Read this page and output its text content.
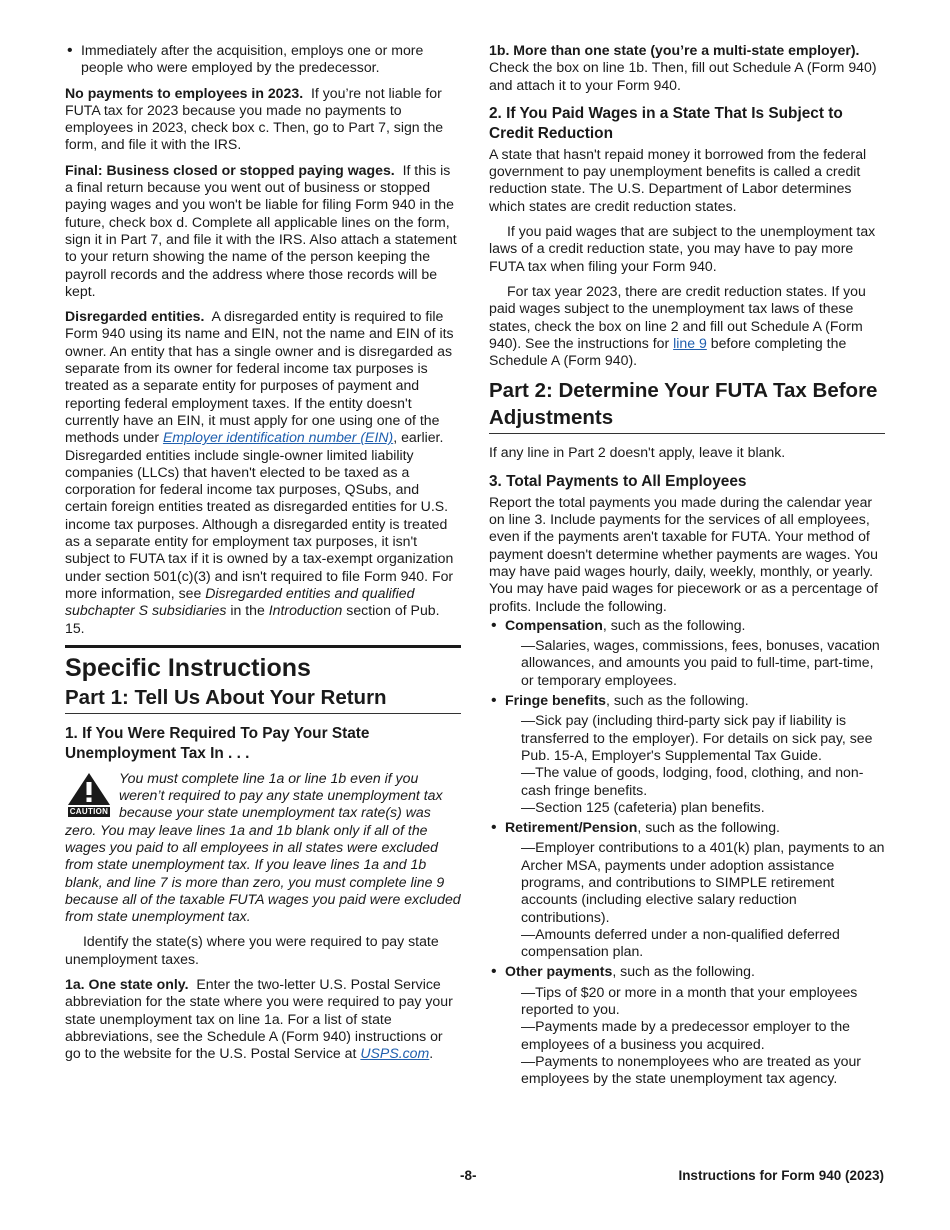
• Immediately after the acquisition, employs one or more people who were employed by the predecessor.

No payments to employees in 2023. If you’re not liable for FUTA tax for 2023 because you made no payments to employees in 2023, check box c. Then, go to Part 7, sign the form, and file it with the IRS.

Final: Business closed or stopped paying wages. If this is a final return because you went out of business or stopped paying wages and you won't be liable for filing Form 940 in the future, check box d. Complete all applicable lines on the form, sign it in Part 7, and file it with the IRS. Also attach a statement to your return showing the name of the person keeping the payroll records and the address where those records will be kept.

Disregarded entities. A disregarded entity is required to file Form 940 using its name and EIN, not the name and EIN of its owner. An entity that has a single owner and is disregarded as separate from its owner for federal income tax purposes is treated as a separate entity for purposes of payment and reporting federal employment taxes. If the entity doesn't currently have an EIN, it must apply for one using one of the methods under Employer identification number (EIN), earlier. Disregarded entities include single-owner limited liability companies (LLCs) that haven't elected to be taxed as a corporation for federal income tax purposes, QSubs, and certain foreign entities treated as disregarded entities for U.S. income tax purposes. Although a disregarded entity is treated as a separate entity for employment tax purposes, it isn't subject to FUTA tax if it is owned by a tax-exempt organization under section 501(c)(3) and isn't required to file Form 940. For more information, see Disregarded entities and qualified subchapter S subsidiaries in the Introduction section of Pub. 15.

Specific Instructions
Part 1: Tell Us About Your Return
1. If You Were Required To Pay Your State Unemployment Tax In . . .
CAUTION

You must complete line 1a or line 1b even if you weren’t required to pay any state unemployment tax because your state unemployment tax rate(s) was zero. You may leave lines 1a and 1b blank only if all of the wages you paid to all employees in all states were excluded from state unemployment tax. If you leave lines 1a and 1b blank, and line 7 is more than zero, you must complete line 9 because all of the taxable FUTA wages you paid were excluded from state unemployment tax.

Identify the state(s) where you were required to pay state unemployment taxes.

1a. One state only. Enter the two-letter U.S. Postal Service abbreviation for the state where you were required to pay your state unemployment tax on line 1a. For a list of state abbreviations, see the Schedule A (Form 940) instructions or go to the website for the U.S. Postal Service at USPS.com.

1b. More than one state (you’re a multi-state employer).  Check the box on line 1b. Then, fill out Schedule A (Form 940) and attach it to your Form 940.

2. If You Paid Wages in a State That Is Subject to Credit Reduction

A state that hasn't repaid money it borrowed from the federal government to pay unemployment benefits is called a credit reduction state. The U.S. Department of Labor determines which states are credit reduction states.

If you paid wages that are subject to the unemployment tax laws of a credit reduction state, you may have to pay more FUTA tax when filing your Form 940.

For tax year 2023, there are credit reduction states. If you paid wages subject to the unemployment tax laws of these states, check the box on line 2 and fill out Schedule A (Form 940). See the instructions for line 9 before completing the Schedule A (Form 940).

Part 2: Determine Your FUTA Tax Before Adjustments

If any line in Part 2 doesn't apply, leave it blank.

3. Total Payments to All Employees

Report the total payments you made during the calendar year on line 3. Include payments for the services of all employees, even if the payments aren't taxable for FUTA. Your method of payment doesn't determine whether payments are wages. You may have paid wages hourly, daily, weekly, monthly, or yearly. You may have paid wages for piecework or as a percentage of profits. Include the following.

• Compensation, such as the following.
—Salaries, wages, commissions, fees, bonuses, vacation allowances, and amounts you paid to full-time, part-time, or temporary employees.
• Fringe benefits, such as the following.
—Sick pay (including third-party sick pay if liability is transferred to the employer). For details on sick pay, see Pub. 15-A, Employer's Supplemental Tax Guide.
—The value of goods, lodging, food, clothing, and non-cash fringe benefits.
—Section 125 (cafeteria) plan benefits.
• Retirement/Pension, such as the following.
—Employer contributions to a 401(k) plan, payments to an Archer MSA, payments under adoption assistance programs, and contributions to SIMPLE retirement accounts (including elective salary reduction contributions).
—Amounts deferred under a non-qualified deferred compensation plan.
• Other payments, such as the following.
—Tips of $20 or more in a month that your employees reported to you.
—Payments made by a predecessor employer to the employees of a business you acquired.
—Payments to nonemployees who are treated as your employees by the state unemployment tax agency.
-8-	Instructions for Form 940 (2023)
